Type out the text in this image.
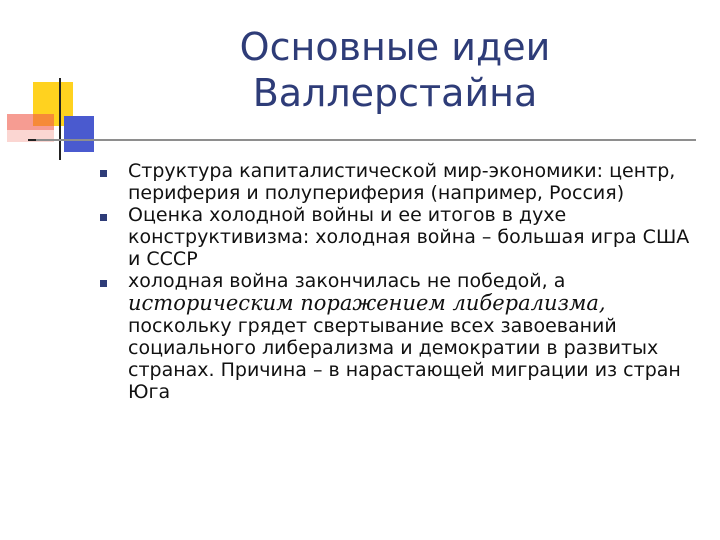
Основные идеи
Валлерстайна
Структура капиталистической мир-экономики: центр, периферия и полупериферия (например, Россия)
Оценка холодной войны и ее итогов в духе конструктивизма: холодная война – большая игра США и СССР
холодная война закончилась не победой, а историческим поражением либерализма, поскольку грядет свертывание всех завоеваний социального либерализма и демократии в развитых странах. Причина – в нарастающей миграции из стран Юга
